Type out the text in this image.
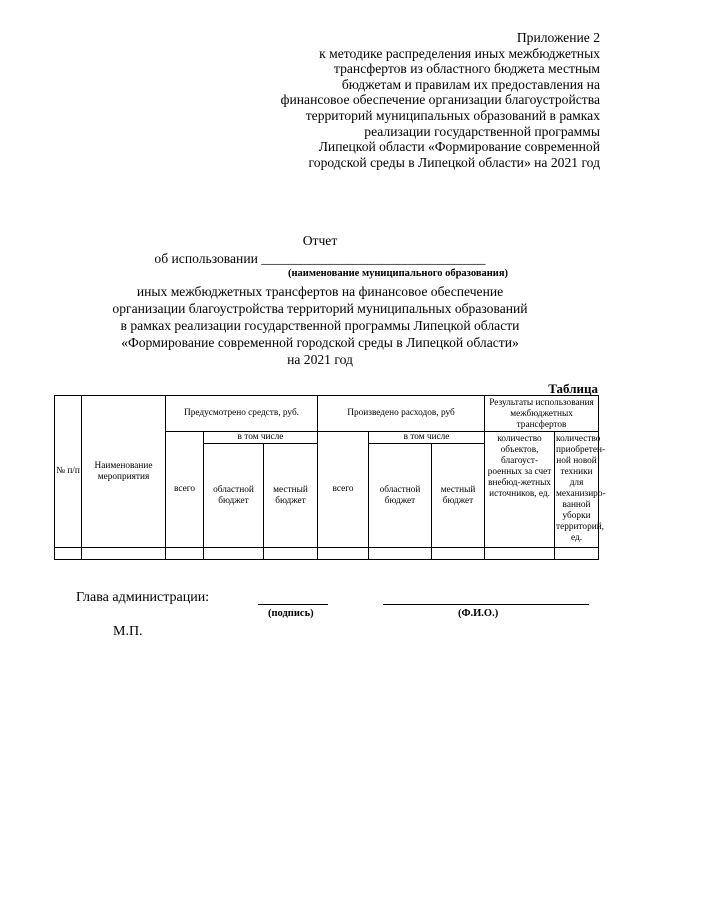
Приложение 2
к методике распределения иных межбюджетных
трансфертов из областного бюджета местным
бюджетам и правилам их предоставления на
финансовое обеспечение организации благоустройства
территорий муниципальных образований в рамках
реализации государственной программы
Липецкой области «Формирование современной
городской среды в Липецкой области» на 2021 год
Отчет
об использовании _________________________________
(наименование муниципального образования)
иных межбюджетных трансфертов на финансовое обеспечение
организации благоустройства территорий муниципальных образований
в рамках реализации государственной программы Липецкой области
«Формирование современной городской среды в Липецкой области»
на 2021 год
Таблица
№ п/п	Наименование мероприятия	Предусмотрено средств, руб.			Произведено расходов, руб			Результаты использования межбюджетных трансфертов	
		всего	в том числе		всего	в том числе		количество объектов, благоуст-роенных за счет внебюд-жетных источников, ед.	количество приобретен-ной новой техники для механизиро-ванной уборки территорий, ед.
			областной бюджет	местный бюджет		областной бюджет	местный бюджет		

Глава администрации:
(подпись)	(Ф.И.О.)
М.П.
